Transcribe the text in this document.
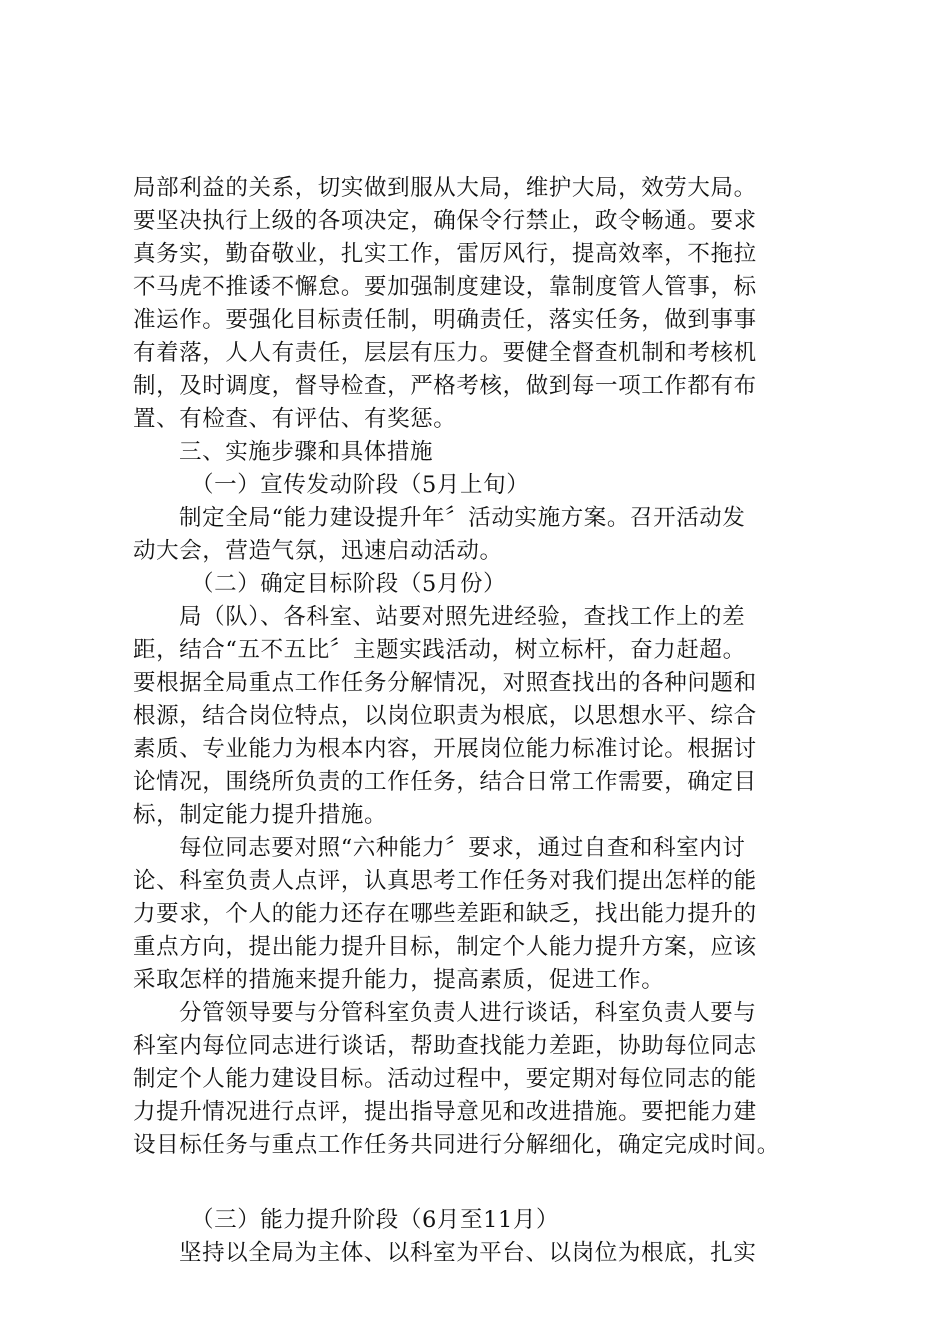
局部利益的关系，切实做到服从大局，维护大局，效劳大局。
要坚决执行上级的各项决定，确保令行禁止，政令畅通。要求
真务实，勤奋敬业，扎实工作，雷厉风行，提高效率，不拖拉
不马虎不推诿不懈怠。要加强制度建设，靠制度管人管事，标
准运作。要强化目标责任制，明确责任，落实任务，做到事事
有着落，人人有责任，层层有压力。要健全督查机制和考核机
制，及时调度，督导检查，严格考核，做到每一项工作都有布
置、有检查、有评估、有奖惩。
三、实施步骤和具体措施
（一）宣传发动阶段（5月上旬）
制定全局“能力建设提升年〞活动实施方案。召开活动发
动大会，营造气氛，迅速启动活动。
（二）确定目标阶段（5月份）
局（队）、各科室、站要对照先进经验，查找工作上的差
距，结合“五不五比〞主题实践活动，树立标杆，奋力赶超。
要根据全局重点工作任务分解情况，对照查找出的各种问题和
根源，结合岗位特点，以岗位职责为根底，以思想水平、综合
素质、专业能力为根本内容，开展岗位能力标准讨论。根据讨
论情况，围绕所负责的工作任务，结合日常工作需要，确定目
标，制定能力提升措施。
每位同志要对照“六种能力〞要求，通过自查和科室内讨
论、科室负责人点评，认真思考工作任务对我们提出怎样的能
力要求，个人的能力还存在哪些差距和缺乏，找出能力提升的
重点方向，提出能力提升目标，制定个人能力提升方案，应该
采取怎样的措施来提升能力，提高素质，促进工作。
分管领导要与分管科室负责人进行谈话，科室负责人要与
科室内每位同志进行谈话，帮助查找能力差距，协助每位同志
制定个人能力建设目标。活动过程中，要定期对每位同志的能
力提升情况进行点评，提出指导意见和改进措施。要把能力建
设目标任务与重点工作任务共同进行分解细化，确定完成时间。
（三）能力提升阶段（6月至11月）
坚持以全局为主体、以科室为平台、以岗位为根底，扎实
